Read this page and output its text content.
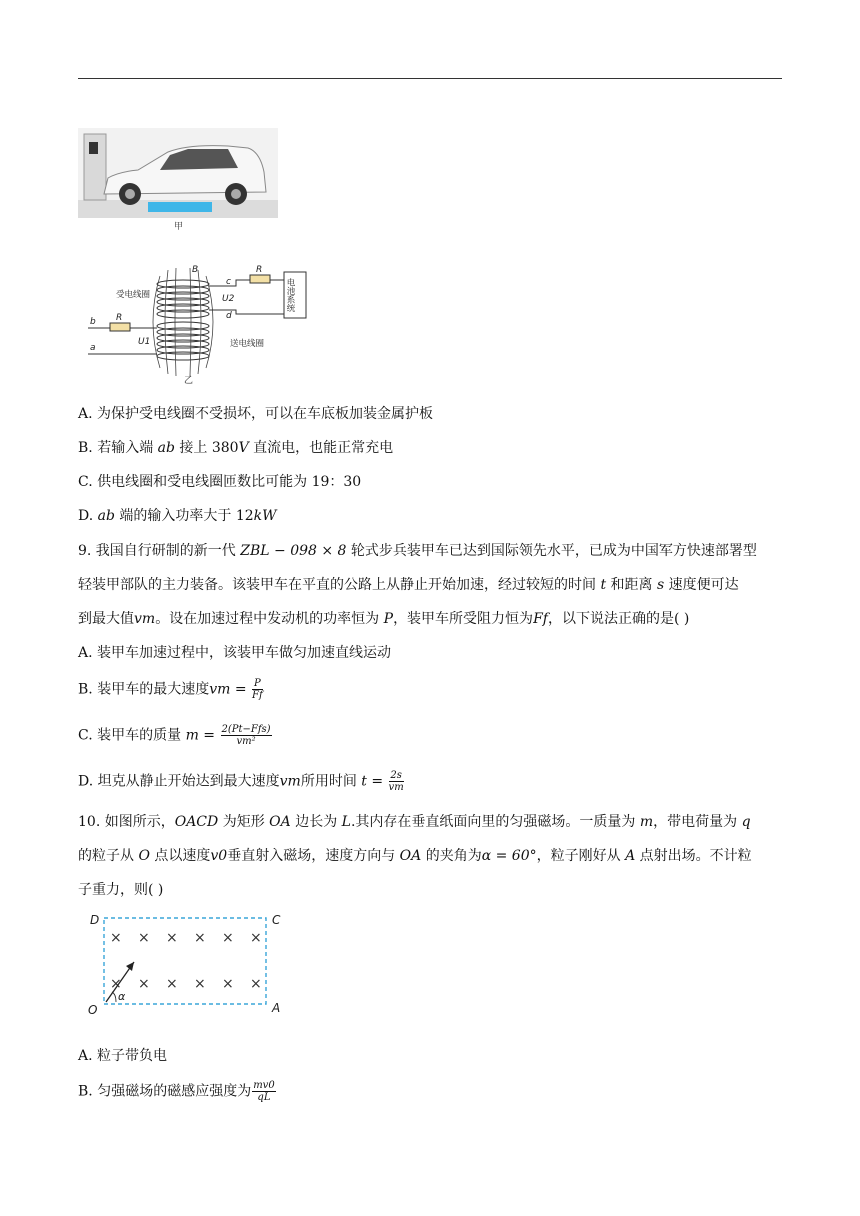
甲
B
受电线圈
送电线圈
电池系统
c
d
R
R
U2
U1
b
a
乙
A. 为保护受电线圈不受损坏，可以在车底板加装金属护板
B. 若输入端 ab 接上 380V 直流电，也能正常充电
C. 供电线圈和受电线圈匝数比可能为 19：30
D. ab 端的输入功率大于 12kW
9. 我国自行研制的新一代 ZBL − 098 × 8 轮式步兵装甲车已达到国际领先水平，已成为中国军方快速部署型
轻装甲部队的主力装备。该装甲车在平直的公路上从静止开始加速，经过较短的时间 t 和距离 s 速度便可达
到最大值vm。设在加速过程中发动机的功率恒为 P，装甲车所受阻力恒为Ff，以下说法正确的是( )
A. 装甲车加速过程中，该装甲车做匀加速直线运动
B. 装甲车的最大速度vm = $\frac{P}{Ff}$
C. 装甲车的质量 $m = \frac{\text{2(Pt−Ffs)}}{\text{vm²}}$
D. 坦克从静止开始达到最大速度vm所用时间 $t = \frac{2s}{vm}$
10. 如图所示，OACD 为矩形 OA 边长为 L.其内存在垂直纸面向里的匀强磁场。一质量为 m，带电荷量为 q
的粒子从 O 点以速度v0垂直射入磁场，速度方向与 OA 的夹角为α = 60°，粒子刚好从 A 点射出场。不计粒
子重力，则( )
× × × × × ×
× × × × × ×
α
D	C
O	A
A. 粒子带负电
B. 匀强磁场的磁感应强度为 $\frac{mv0}{qL}$
